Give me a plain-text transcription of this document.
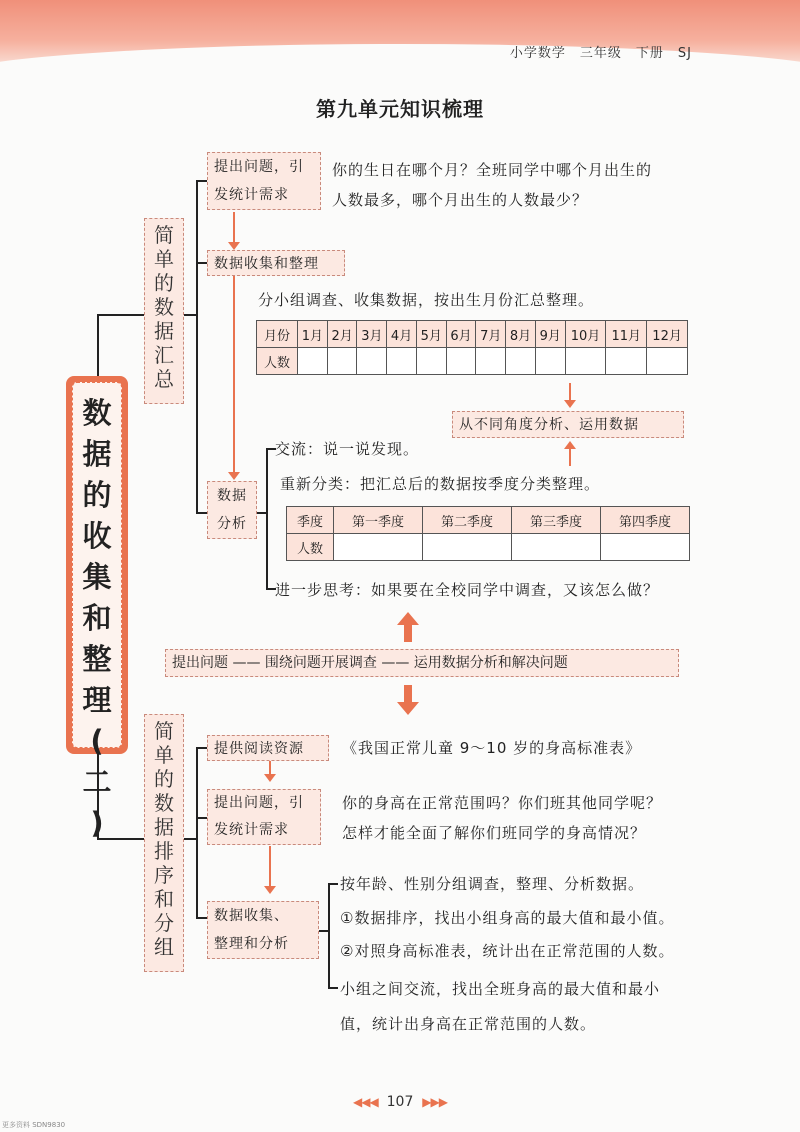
小学数学 三年级 下册 SJ
第九单元知识梳理
数
据
的
收
集
和
整
理
(
二
)
简
单
的
数
据
汇
总
简
单
的
数
据
排
序
和
分
组
提出问题，引
发统计需求
你的生日在哪个月？全班同学中哪个月出生的
人数最多，哪个月出生的人数最少？
数据收集和整理
分小组调查、收集数据，按出生月份汇总整理。
月份	1月	2月	3月	4月	5月	6月	7月	8月	9月	10月	11月	12月
人数												
从不同角度分析、运用数据
数据
分析
交流：说一说发现。
重新分类：把汇总后的数据按季度分类整理。
季度	第一季度	第二季度	第三季度	第四季度
人数				
进一步思考：如果要在全校同学中调查，又该怎么做？
提出问题 —— 围绕问题开展调查 —— 运用数据分析和解决问题
提供阅读资源	《我国正常儿童 9～10 岁的身高标准表》
提出问题，引
发统计需求
你的身高在正常范围吗？你们班其他同学呢？
怎样才能全面了解你们班同学的身高情况？
数据收集、
整理和分析
按年龄、性别分组调查，整理、分析数据。
①数据排序，找出小组身高的最大值和最小值。
②对照身高标准表，统计出在正常范围的人数。
小组之间交流，找出全班身高的最大值和最小
值，统计出身高在正常范围的人数。
◀◀◀ 107 ▶▶▶
更多资料 SDN9830
